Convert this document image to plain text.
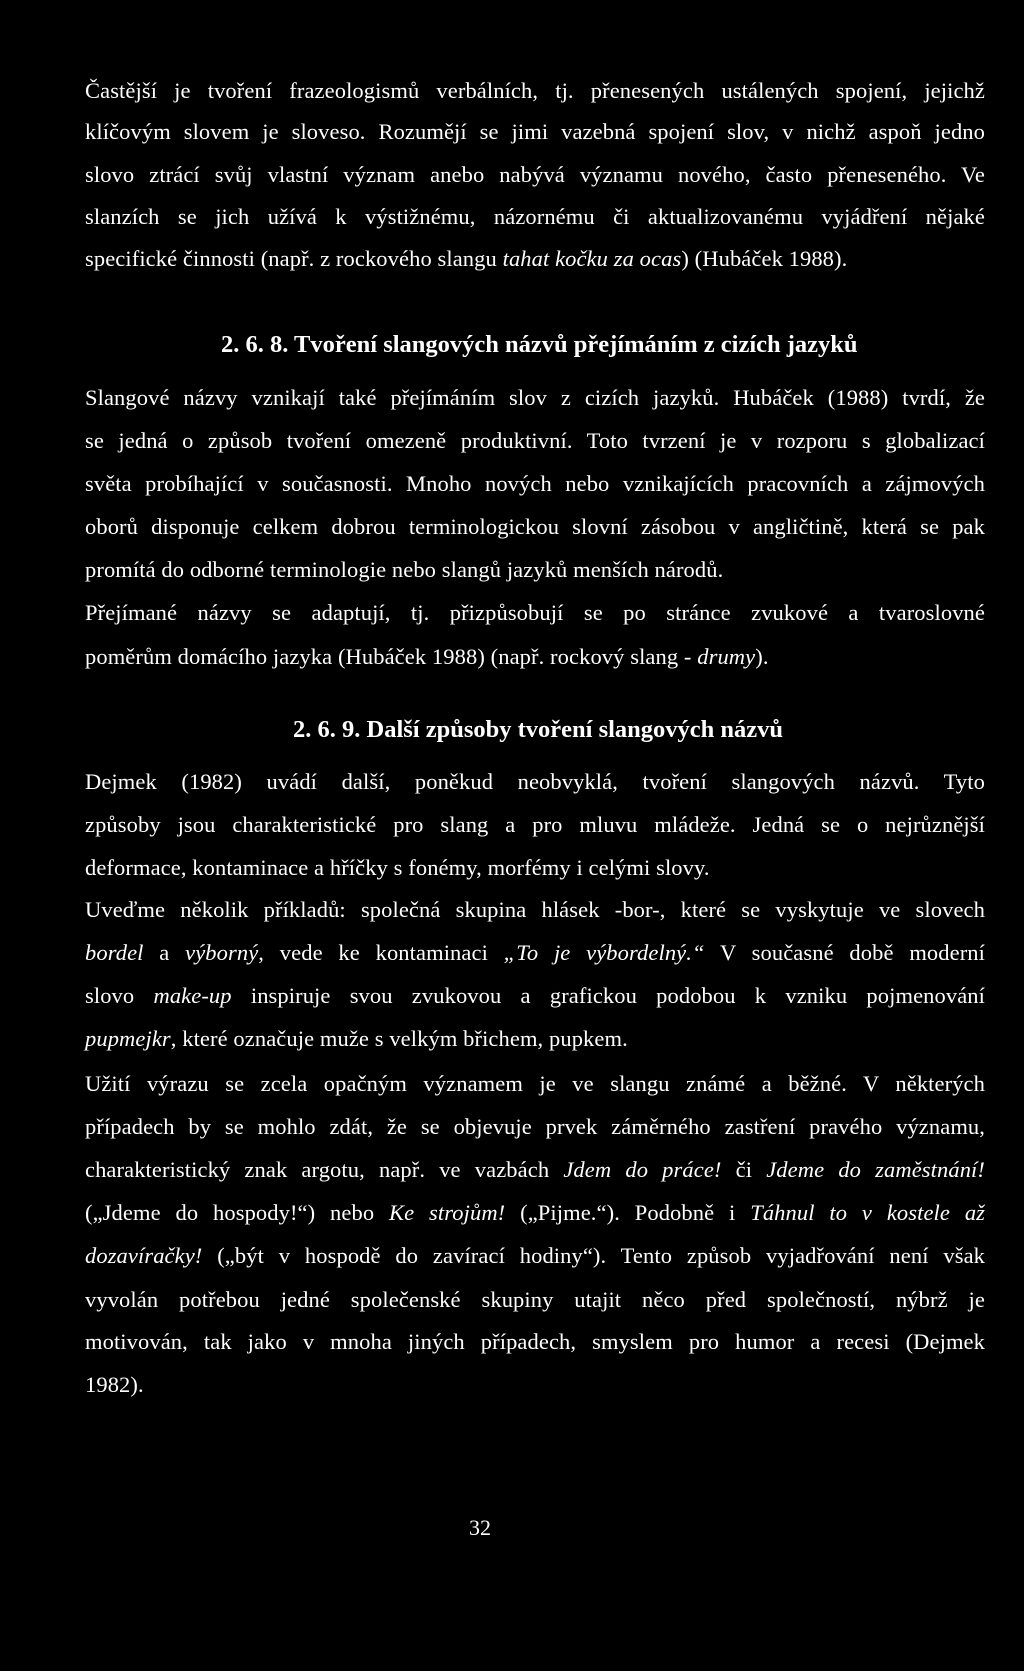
Častější je tvoření frazeologismů verbálních, tj. přenesených ustálených spojení, jejichž
klíčovým slovem je sloveso. Rozumějí se jimi vazebná spojení slov, v nichž aspoň jedno
slovo ztrácí svůj vlastní význam anebo nabývá významu nového, často přeneseného. Ve
slanzích se jich užívá k výstižnému, názornému či aktualizovanému vyjádření nějaké
specifické činnosti (např. z rockového slangu tahat kočku za ocas) (Hubáček 1988).
2. 6. 8. Tvoření slangových názvů přejímáním z cizích jazyků
Slangové názvy vznikají také přejímáním slov z cizích jazyků. Hubáček (1988) tvrdí, že
se jedná o způsob tvoření omezeně produktivní. Toto tvrzení je v rozporu s globalizací
světa probíhající v současnosti. Mnoho nových nebo vznikajících pracovních a zájmových
oborů disponuje celkem dobrou terminologickou slovní zásobou v angličtině, která se pak
promítá do odborné terminologie nebo slangů jazyků menších národů.
Přejímané názvy se adaptují, tj. přizpůsobují se po stránce zvukové a tvaroslovné
poměrům domácího jazyka (Hubáček 1988) (např. rockový slang - drumy).
2. 6. 9. Další způsoby tvoření slangových názvů
Dejmek (1982) uvádí další, poněkud neobvyklá, tvoření slangových názvů. Tyto
způsoby jsou charakteristické pro slang a pro mluvu mládeže. Jedná se o nejrůznější
deformace, kontaminace a hříčky s fonémy, morfémy i celými slovy.
Uveďme několik příkladů: společná skupina hlásek -bor-, které se vyskytuje ve slovech
bordel a výborný, vede ke kontaminaci „To je výbordelný.“ V současné době moderní
slovo make-up inspiruje svou zvukovou a grafickou podobou k vzniku pojmenování
pupmejkr, které označuje muže s velkým břichem, pupkem.
Užití výrazu se zcela opačným významem je ve slangu známé a běžné. V některých
případech by se mohlo zdát, že se objevuje prvek záměrného zastření pravého významu,
charakteristický znak argotu, např. ve vazbách Jdem do práce! či Jdeme do zaměstnání!
(„Jdeme do hospody!“) nebo Ke strojům! („Pijme.“). Podobně i Táhnul to v kostele až
dozavíračky! („být v hospodě do zavírací hodiny“). Tento způsob vyjadřování není však
vyvolán potřebou jedné společenské skupiny utajit něco před společností, nýbrž je
motivován, tak jako v mnoha jiných případech, smyslem pro humor a recesi (Dejmek
1982).
32
